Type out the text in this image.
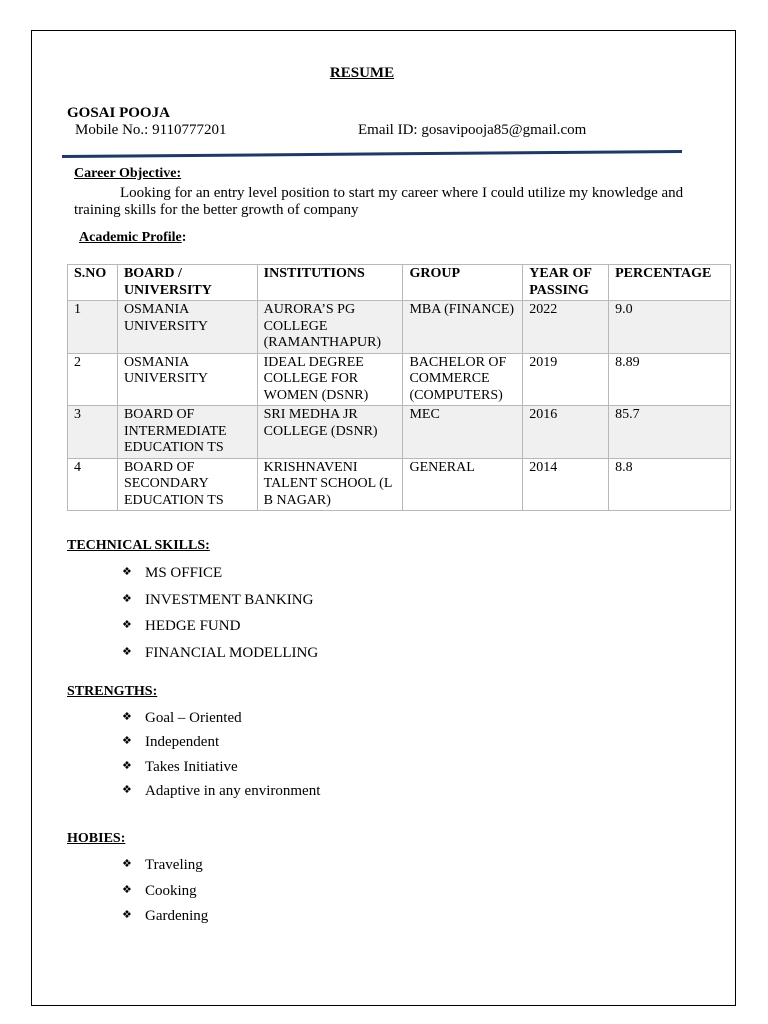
RESUME
GOSAI POOJA
Mobile No.: 9110777201	Email ID: gosavipooja85@gmail.com
Career Objective:
Looking for an entry level position to start my career where I could utilize my knowledge and training skills for the better growth of company
Academic Profile:
S.NO	BOARD / UNIVERSITY	INSTITUTIONS	GROUP	YEAR OF PASSING	PERCENTAGE
1	OSMANIA UNIVERSITY	AURORA’S PG COLLEGE (RAMANTHAPUR)	MBA (FINANCE)	2022	9.0
2	OSMANIA UNIVERSITY	IDEAL DEGREE COLLEGE FOR WOMEN (DSNR)	BACHELOR OF COMMERCE (COMPUTERS)	2019	8.89
3	BOARD OF INTERMEDIATE EDUCATION TS	SRI MEDHA JR COLLEGE (DSNR)	MEC	2016	85.7
4	BOARD OF SECONDARY EDUCATION TS	KRISHNAVENI TALENT SCHOOL (L B NAGAR)	GENERAL	2014	8.8
TECHNICAL SKILLS:
❖ MS OFFICE
❖ INVESTMENT BANKING
❖ HEDGE FUND
❖ FINANCIAL MODELLING
STRENGTHS:
❖ Goal – Oriented
❖ Independent
❖ Takes Initiative
❖ Adaptive in any environment
HOBIES:
❖ Traveling
❖ Cooking
❖ Gardening
